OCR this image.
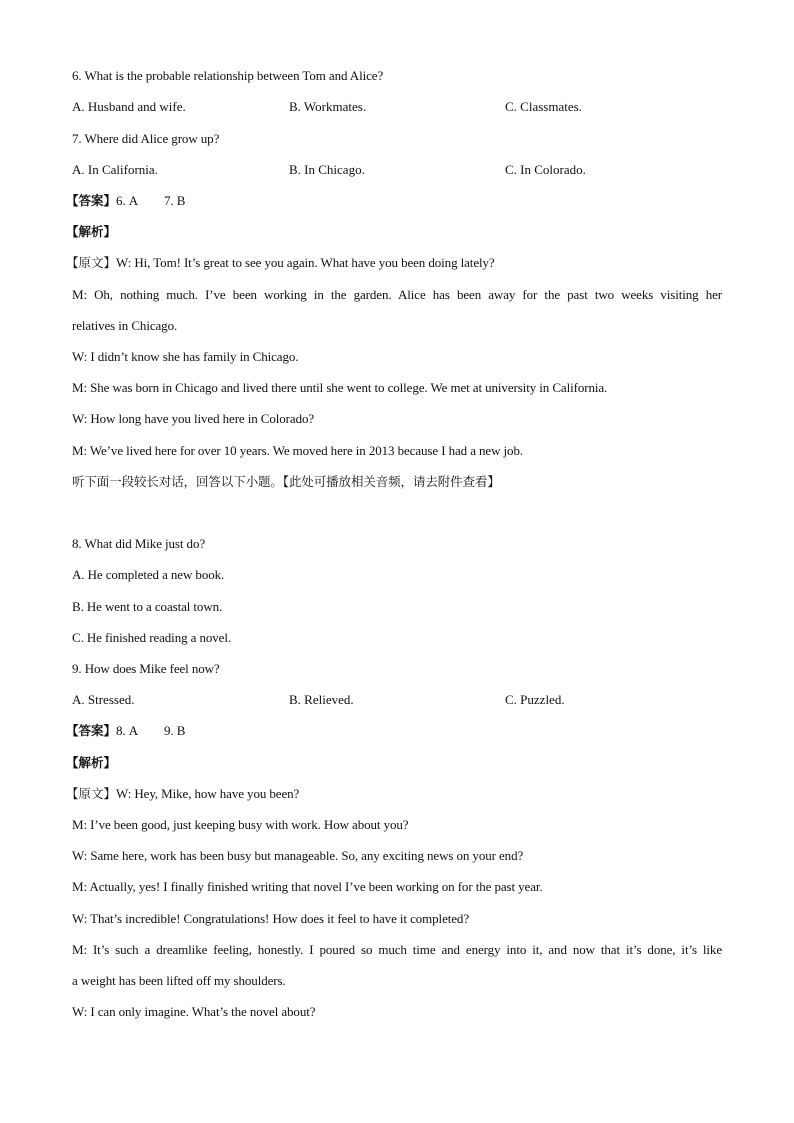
6. What is the probable relationship between Tom and Alice?
A. Husband and wife.	B. Workmates.	C. Classmates.
7. Where did Alice grow up?
A. In California.	B. In Chicago.	C. In Colorado.
【答案】6. A 7. B
【解析】
【原文】W: Hi, Tom! It’s great to see you again. What have you been doing lately?
M: Oh, nothing much. I’ve been working in the garden. Alice has been away for the past two weeks visiting her
relatives in Chicago.
W: I didn’t know she has family in Chicago.
M: She was born in Chicago and lived there until she went to college. We met at university in California.
W: How long have you lived here in Colorado?
M: We’ve lived here for over 10 years. We moved here in 2013 because I had a new job.
听下面一段较长对话，回答以下小题。【此处可播放相关音频，请去附件查看】
8. What did Mike just do?
A. He completed a new book.
B. He went to a coastal town.
C. He finished reading a novel.
9. How does Mike feel now?
A. Stressed.	B. Relieved.	C. Puzzled.
【答案】8. A 9. B
【解析】
【原文】W: Hey, Mike, how have you been?
M: I’ve been good, just keeping busy with work. How about you?
W: Same here, work has been busy but manageable. So, any exciting news on your end?
M: Actually, yes! I finally finished writing that novel I’ve been working on for the past year.
W: That’s incredible! Congratulations! How does it feel to have it completed?
M: It’s such a dreamlike feeling, honestly. I poured so much time and energy into it, and now that it’s done, it’s like
a weight has been lifted off my shoulders.
W: I can only imagine. What’s the novel about?
